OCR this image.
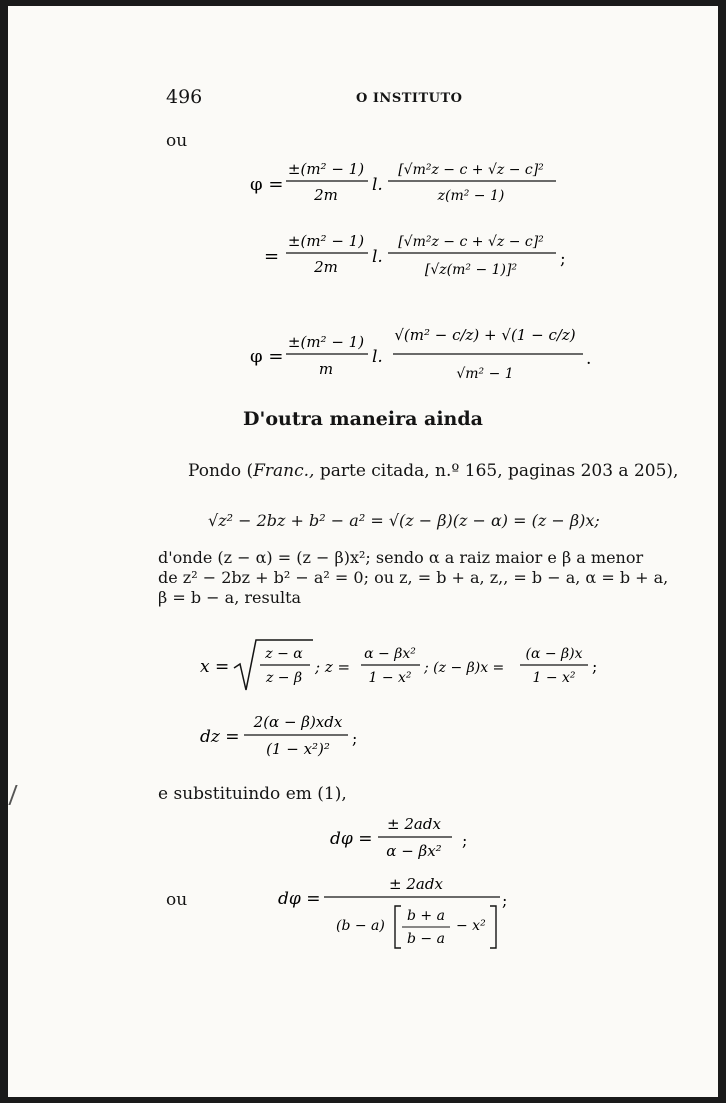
496	O INSTITUTO
ou
φ =
±(m² − 1)
2m l.
[√m²z − c + √z − c]²
z(m² − 1)
=
±(m² − 1)
2m l.
[√m²z − c + √z − c]²
[√z(m² − 1)]²
;
φ =
±(m² − 1)
m
l.
√(m² − c/z) + √(1 − c/z)
√m² − 1
.
D'outra maneira ainda
Pondo (Franc., parte citada, n.º 165, paginas 203 a 205),
√z² − 2bz + b² − a² = √(z − β)(z − α) = (z − β)x;
d'onde (z − α) = (z − β)x²; sendo α a raiz maior e β a menor
de z² − 2bz + b² − a² = 0; ou z, = b + a, z,, = b − a, α = b + a,
β = b − a, resulta
x =
z − α
z − β
; z =
α − βx²
1 − x²
; (z − β)x =
(α − β)x
1 − x²
;
dz =
2(α − β)xdx
(1 − x²)²
;
e substituindo em (1),
dφ =
± 2adx
α − βx²
;
ou	dφ =
± 2adx
(b − a)
b + a
b − a
− x²
;
